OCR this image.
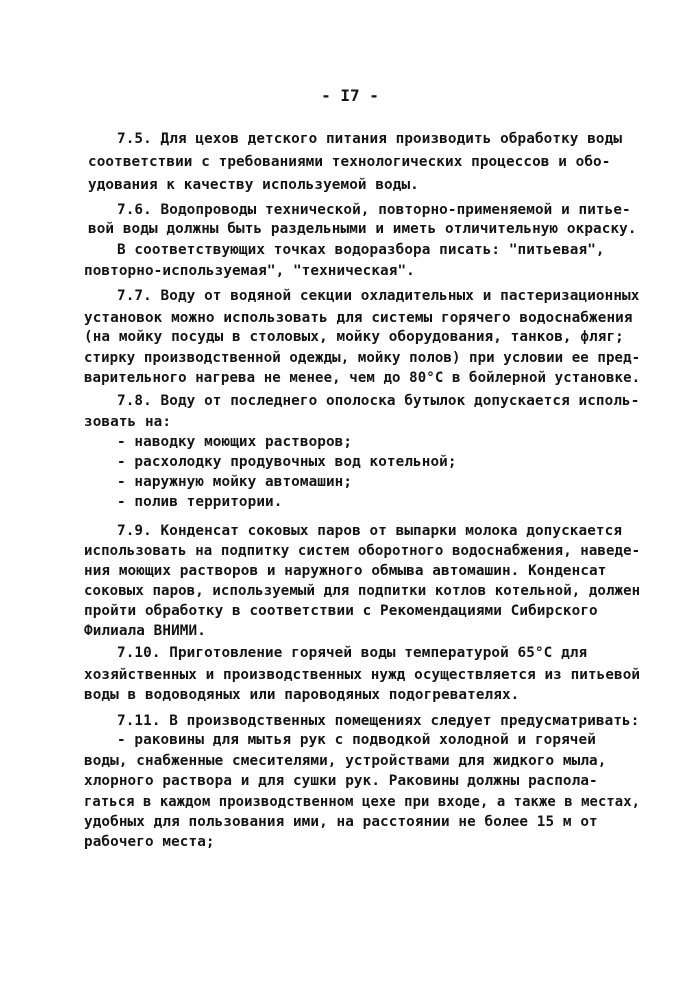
- I7 -

7.5. Для цехов детского питания производить обработку воды

соответствии с требованиями технологических процессов и обо-

удования к качеству используемой воды.

7.6. Водопроводы технической, повторно-применяемой и питье-

вой воды должны быть раздельными и иметь отличительную окраску.

В соответствующих точках водоразбора писать: "питьевая",

повторно-используемая", "техническая".

7.7. Воду от водяной секции охладительных и пастеризационных

установок можно использовать для системы горячего водоснабжения

(на мойку посуды в столовых, мойку оборудования, танков, фляг;

стирку производственной одежды, мойку полов) при условии ее пред-

варительного нагрева не менее, чем до 80°С в бойлерной установке.

7.8. Воду от последнего ополоска бутылок допускается исполь-

зовать на:

- наводку моющих растворов;

- расхолодку продувочных вод котельной;

- наружную мойку автомашин;

- полив территории.

7.9. Конденсат соковых паров от выпарки молока допускается

использовать на подпитку систем оборотного водоснабжения, наведе-

ния моющих растворов и наружного обмыва автомашин. Конденсат

соковых паров, используемый для подпитки котлов котельной, должен

пройти обработку в соответствии с Рекомендациями Сибирского

Филиала ВНИМИ.

7.10. Приготовление горячей воды температурой 65°С для

хозяйственных и производственных нужд осуществляется из питьевой

воды в водоводяных или пароводяных подогревателях.

7.11. В производственных помещениях следует предусматривать:

- раковины для мытья рук с подводкой холодной и горячей

воды, снабженные смесителями, устройствами для жидкого мыла,

хлорного раствора и для сушки рук. Раковины должны распола-

гаться в каждом производственном цехе при входе, а также в местах,

удобных для пользования ими, на расстоянии не более 15 м от

рабочего места;
